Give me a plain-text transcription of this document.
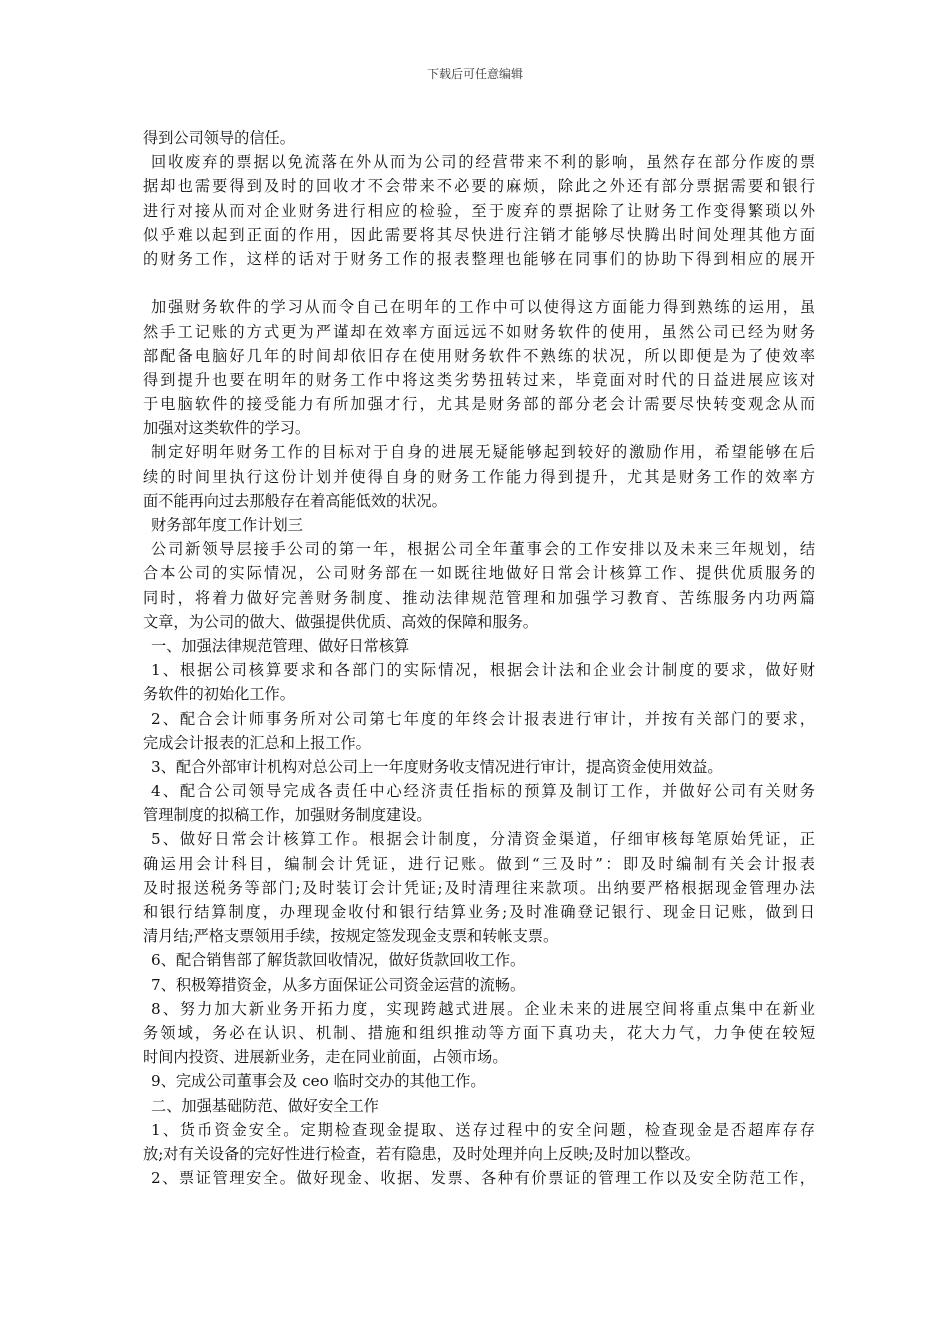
下载后可任意编辑
得到公司领导的信任。
回收废弃的票据以免流落在外从而为公司的经营带来不利的影响，虽然存在部分作废的票
据却也需要得到及时的回收才不会带来不必要的麻烦，除此之外还有部分票据需要和银行
进行对接从而对企业财务进行相应的检验，至于废弃的票据除了让财务工作变得繁琐以外
似乎难以起到正面的作用，因此需要将其尽快进行注销才能够尽快腾出时间处理其他方面
的财务工作，这样的话对于财务工作的报表整理也能够在同事们的协助下得到相应的展开
加强财务软件的学习从而令自己在明年的工作中可以使得这方面能力得到熟练的运用，虽
然手工记账的方式更为严谨却在效率方面远远不如财务软件的使用，虽然公司已经为财务
部配备电脑好几年的时间却依旧存在使用财务软件不熟练的状况，所以即便是为了使效率
得到提升也要在明年的财务工作中将这类劣势扭转过来，毕竟面对时代的日益进展应该对
于电脑软件的接受能力有所加强才行，尤其是财务部的部分老会计需要尽快转变观念从而
加强对这类软件的学习。
制定好明年财务工作的目标对于自身的进展无疑能够起到较好的激励作用，希望能够在后
续的时间里执行这份计划并使得自身的财务工作能力得到提升，尤其是财务工作的效率方
面不能再向过去那般存在着高能低效的状况。
财务部年度工作计划三
公司新领导层接手公司的第一年，根据公司全年董事会的工作安排以及未来三年规划，结
合本公司的实际情况，公司财务部在一如既往地做好日常会计核算工作、提供优质服务的
同时，将着力做好完善财务制度、推动法律规范管理和加强学习教育、苦练服务内功两篇
文章，为公司的做大、做强提供优质、高效的保障和服务。
一、加强法律规范管理、做好日常核算
1、根据公司核算要求和各部门的实际情况，根据会计法和企业会计制度的要求，做好财
务软件的初始化工作。
2、配合会计师事务所对公司第七年度的年终会计报表进行审计，并按有关部门的要求，
完成会计报表的汇总和上报工作。
3、配合外部审计机构对总公司上一年度财务收支情况进行审计，提高资金使用效益。
4、配合公司领导完成各责任中心经济责任指标的预算及制订工作，并做好公司有关财务
管理制度的拟稿工作，加强财务制度建设。
5、做好日常会计核算工作。根据会计制度，分清资金渠道，仔细审核每笔原始凭证，正
确运用会计科目，编制会计凭证，进行记账。做到“三及时”：即及时编制有关会计报表
及时报送税务等部门;及时装订会计凭证;及时清理往来款项。出纳要严格根据现金管理办法
和银行结算制度，办理现金收付和银行结算业务;及时准确登记银行、现金日记账，做到日
清月结;严格支票领用手续，按规定签发现金支票和转帐支票。
6、配合销售部了解货款回收情况，做好货款回收工作。
7、积极筹措资金，从多方面保证公司资金运营的流畅。
8、努力加大新业务开拓力度，实现跨越式进展。企业未来的进展空间将重点集中在新业
务领域，务必在认识、机制、措施和组织推动等方面下真功夫，花大力气，力争使在较短
时间内投资、进展新业务，走在同业前面，占领市场。
9、完成公司董事会及 ceo 临时交办的其他工作。
二、加强基础防范、做好安全工作
1、货币资金安全。定期检查现金提取、送存过程中的安全问题，检查现金是否超库存存
放;对有关设备的完好性进行检查，若有隐患，及时处理并向上反映;及时加以整改。
2、票证管理安全。做好现金、收据、发票、各种有价票证的管理工作以及安全防范工作，
